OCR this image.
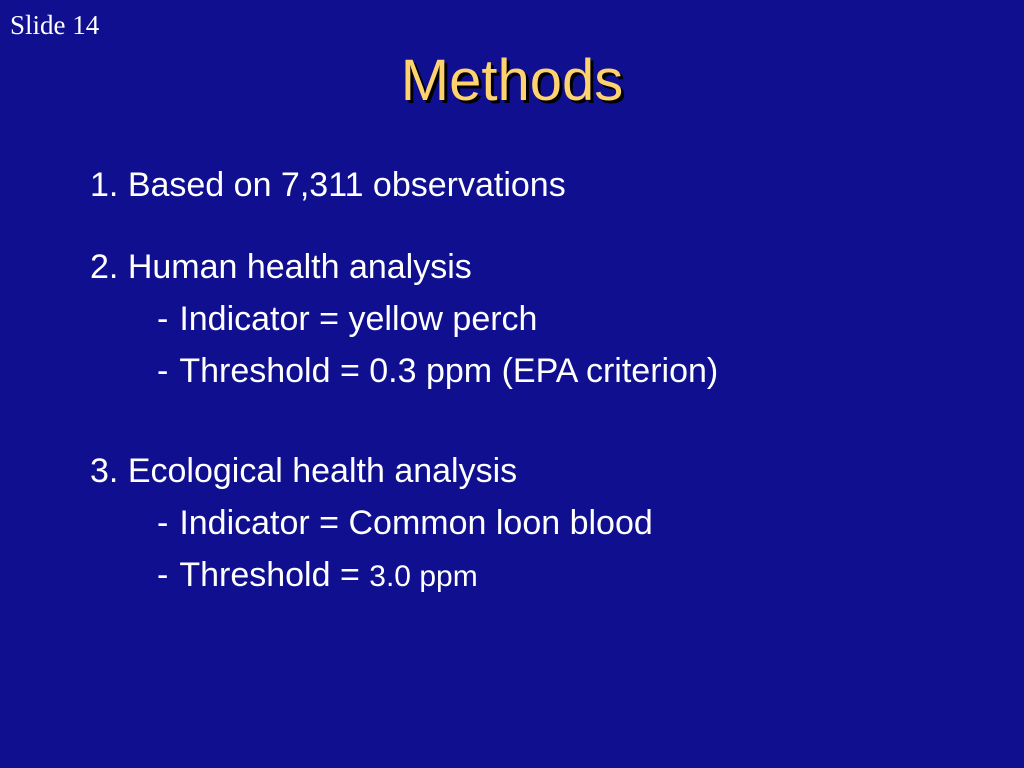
Slide 14
Methods
1. Based on 7,311 observations
2. Human health analysis
- Indicator = yellow perch
- Threshold = 0.3 ppm (EPA criterion)
3. Ecological health analysis
- Indicator = Common loon blood
- Threshold = 3.0 ppm
